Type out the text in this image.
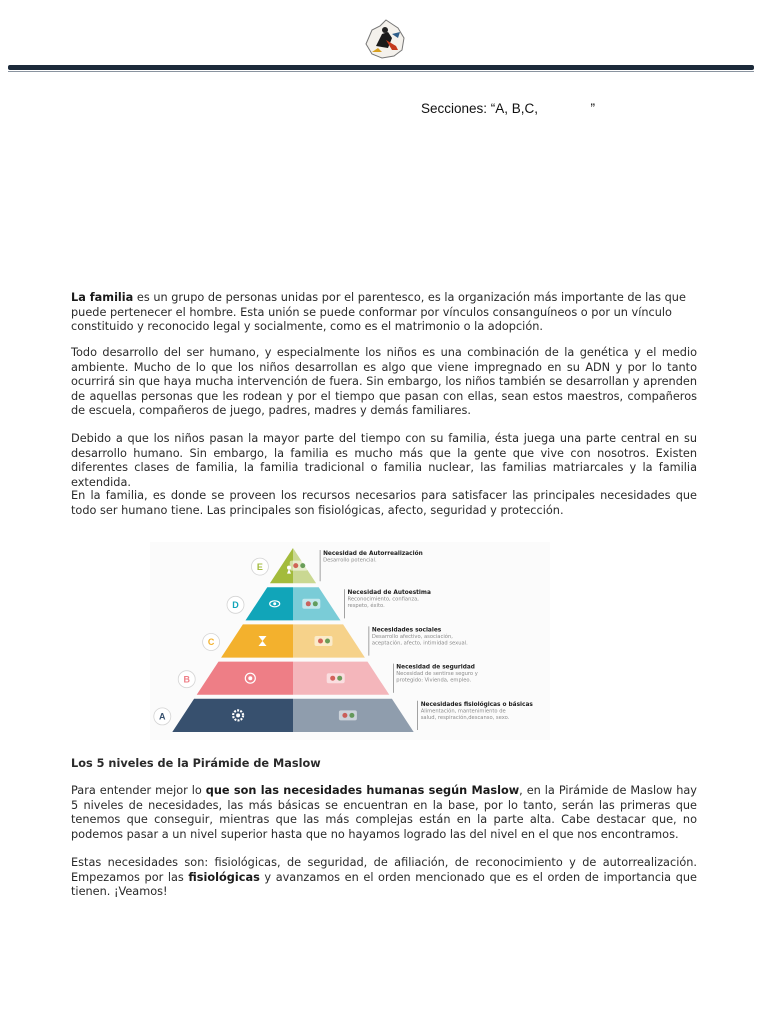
Secciones: “A, B,C,              ”

La familia es un grupo de personas unidas por el parentesco, es la organización más importante de las que puede pertenecer el hombre. Esta unión se puede conformar por vínculos consanguíneos o por un vínculo constituido y reconocido legal y socialmente, como es el matrimonio o la adopción.

Todo desarrollo del ser humano, y especialmente los niños es una combinación de la genética y el medio ambiente. Mucho de lo que los niños desarrollan es algo que viene impregnado en su ADN y por lo tanto ocurrirá sin que haya mucha intervención de fuera. Sin embargo, los niños también se desarrollan y aprenden de aquellas personas que les rodean y por el tiempo que pasan con ellas, sean estos maestros, compañeros de escuela, compañeros de juego, padres, madres y demás familiares.

Debido a que los niños pasan la mayor parte del tiempo con su familia, ésta juega una parte central en su desarrollo humano. Sin embargo, la familia es mucho más que la gente que vive con nosotros. Existen diferentes clases de familia, la familia tradicional o familia nuclear, las familias matriarcales y la familia extendida.

En la familia, es donde se proveen los recursos necesarios para satisfacer las principales necesidades que todo ser humano tiene. Las principales son fisiológicas, afecto, seguridad y protección.

E
Necesidad de Autorrealización
Desarrollo potencial.
D
Necesidad de Autoestima
Reconocimiento, confianza,
respeto, éxito.
C
Necesidades sociales
Desarrollo afectivo, asociación,
aceptación, afecto, intimidad sexual.
B
Necesidad de seguridad
Necesidad de sentirse seguro y
protegido: Vivienda, empleo.
A
Necesidades fisiológicas o básicas
Alimentación, mantenimiento de
salud, respiración,descanso, sexo.
Los 5 niveles de la Pirámide de Maslow

Para entender mejor lo que son las necesidades humanas según Maslow, en la Pirámide de Maslow hay 5 niveles de necesidades, las más básicas se encuentran en la base, por lo tanto, serán las primeras que tenemos que conseguir, mientras que las más complejas están en la parte alta. Cabe destacar que, no podemos pasar a un nivel superior hasta que no hayamos logrado las del nivel en el que nos encontramos.

Estas necesidades son: fisiológicas, de seguridad, de afiliación, de reconocimiento y de autorrealización. Empezamos por las fisiológicas y avanzamos en el orden mencionado que es el orden de importancia que tienen. ¡Veamos!
